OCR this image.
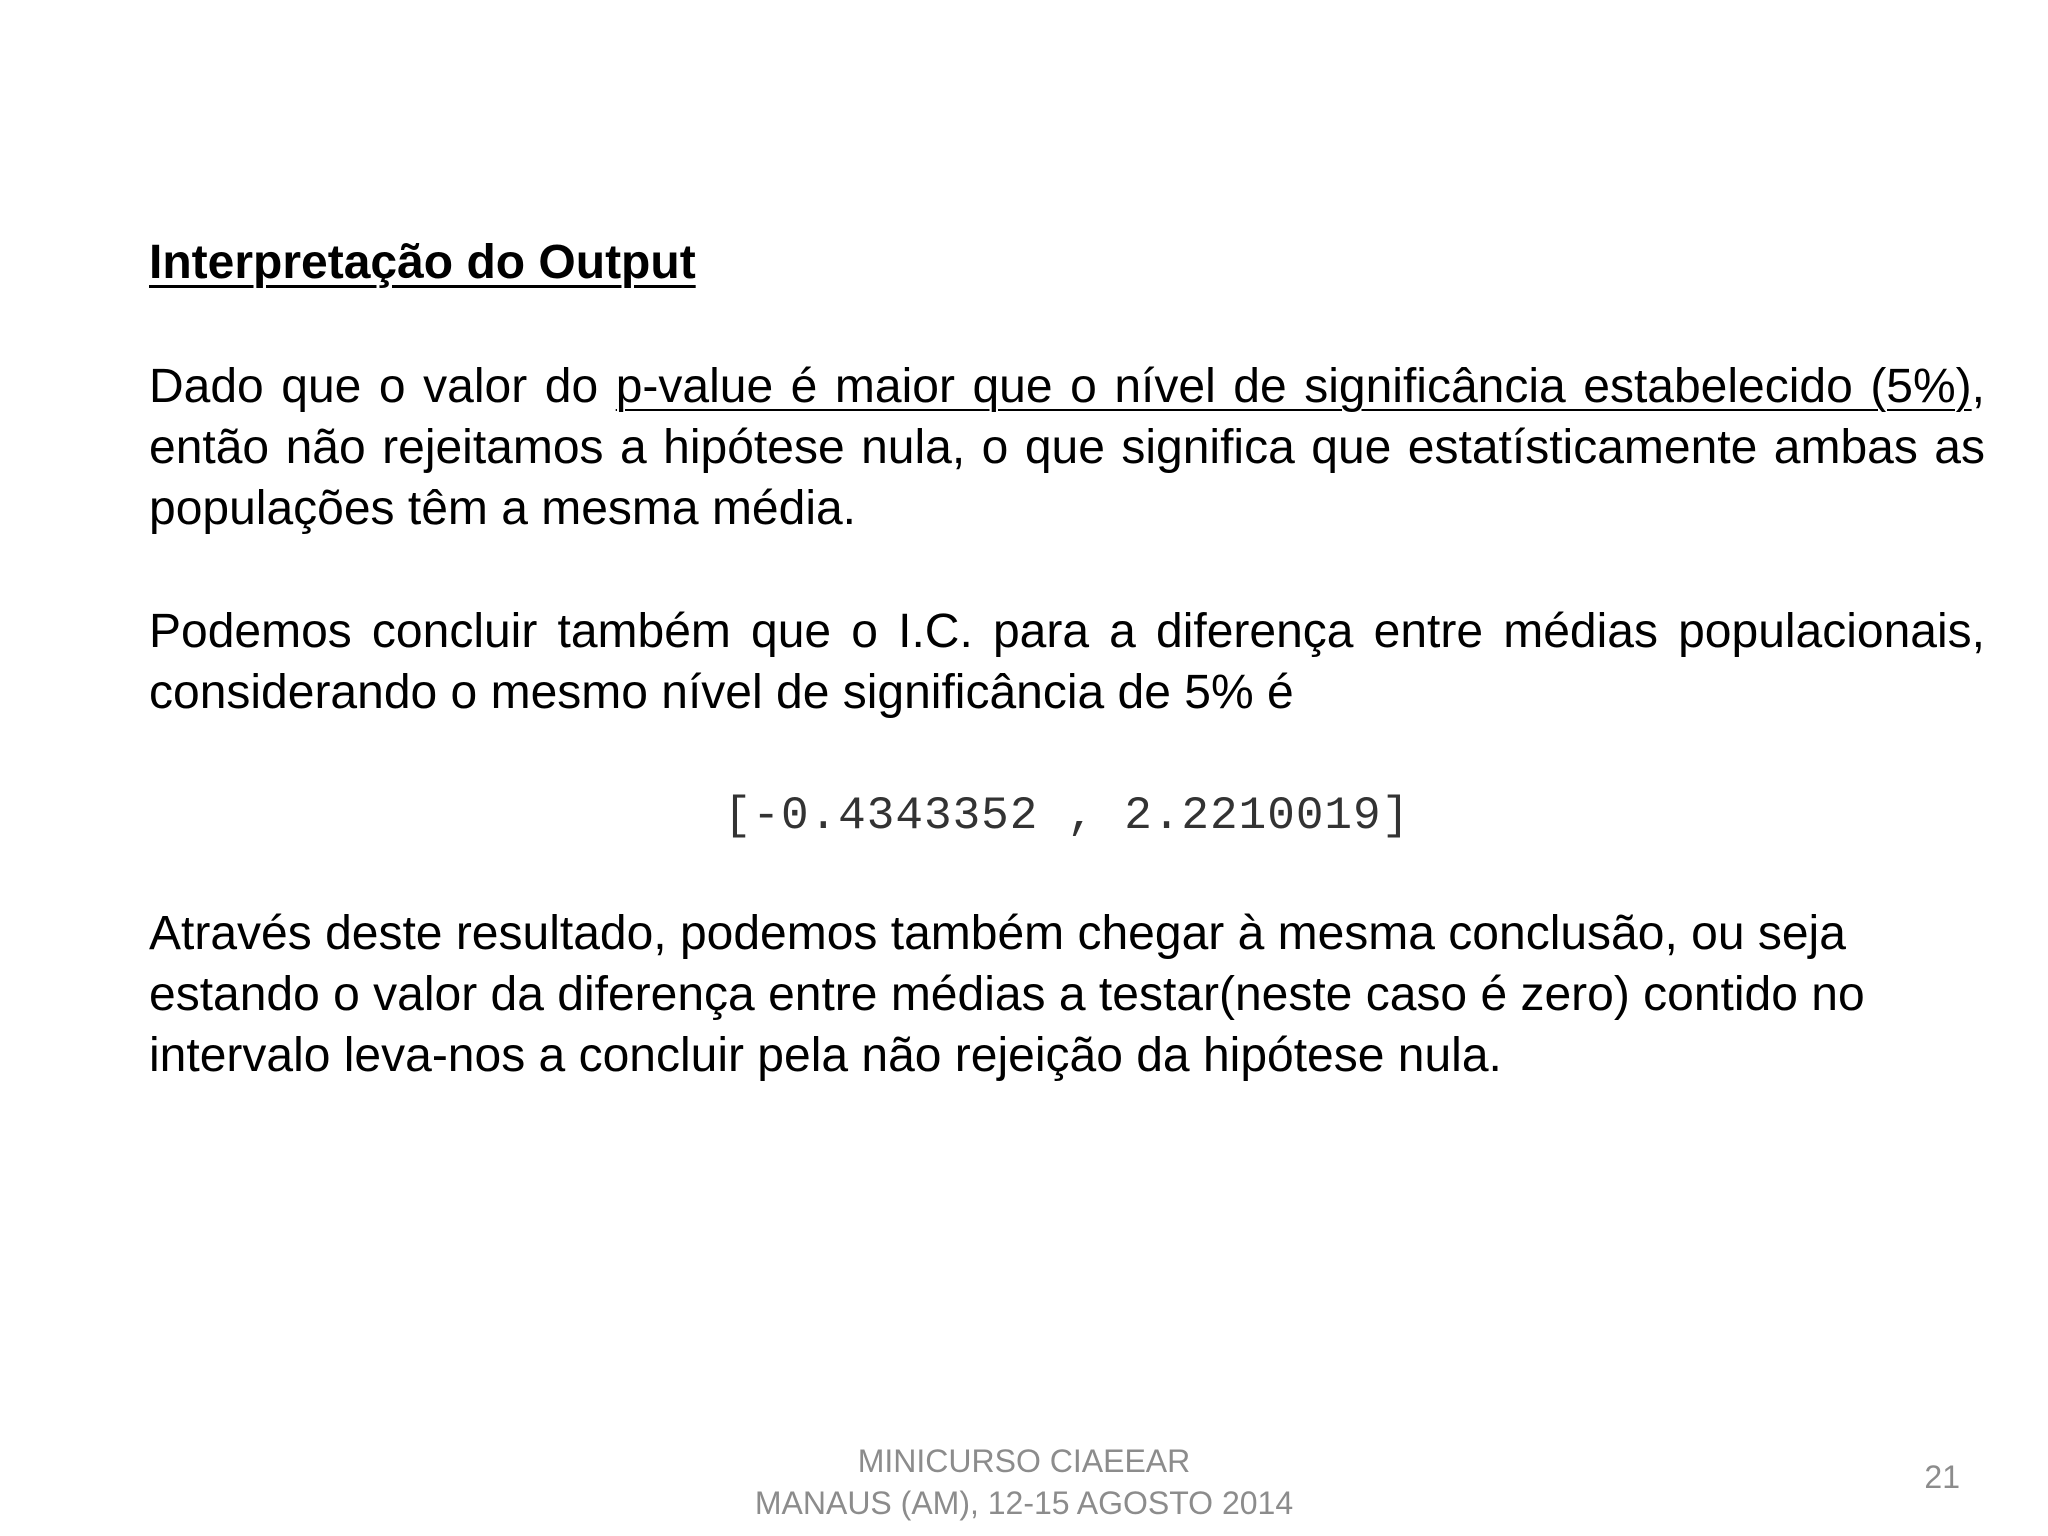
Interpretação do Output

Dado que o valor do p-value é maior que o nível de significância estabelecido (5%), então não rejeitamos a hipótese nula, o que significa que estatísticamente ambas as populações têm a mesma média.

Podemos concluir também que o I.C. para a diferença entre médias populacionais, considerando o mesmo nível de significância de 5% é

[-0.4343352 , 2.2210019]

Através deste resultado, podemos também chegar à mesma conclusão, ou seja estando o valor da diferença entre médias a testar(neste caso é zero) contido no intervalo leva-nos a concluir pela não rejeição da hipótese nula.

MINICURSO CIAEEAR
MANAUS (AM), 12-15 AGOSTO 2014
21
